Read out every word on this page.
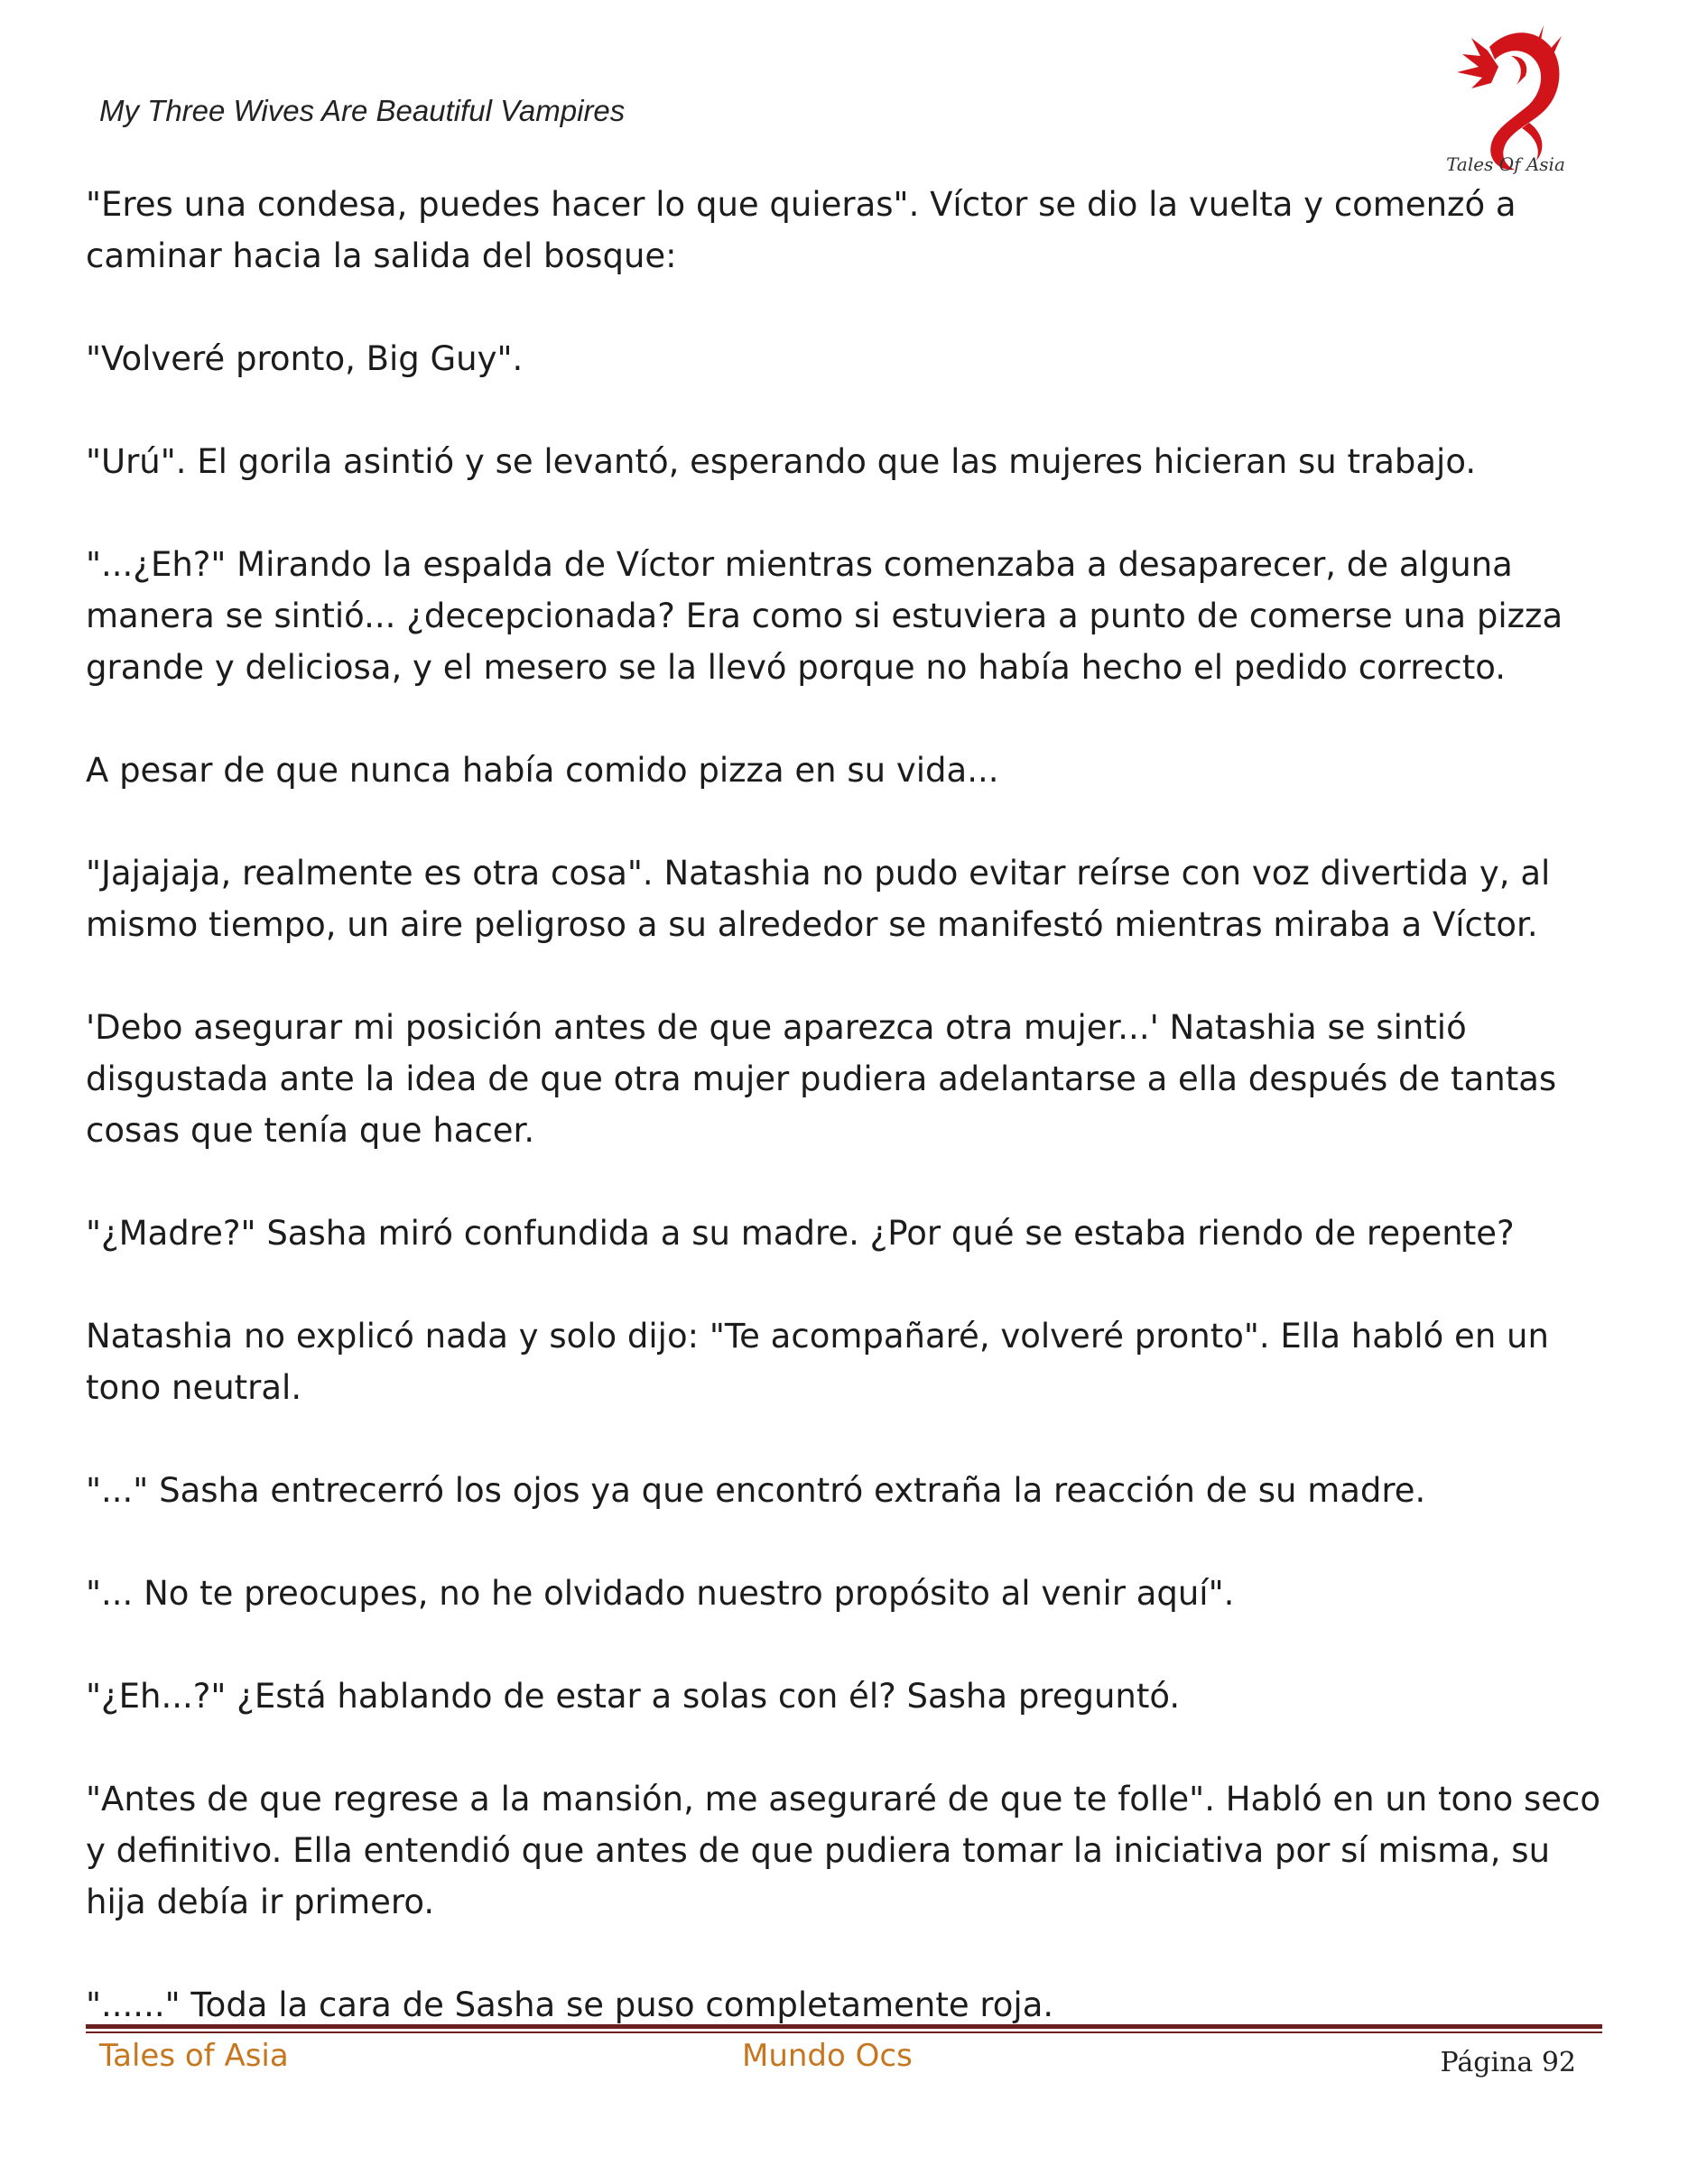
My Three Wives Are Beautiful Vampires
Tales Of Asia

"Eres una condesa, puedes hacer lo que quieras". Víctor se dio la vuelta y comenzó a caminar hacia la salida del bosque:

"Volveré pronto, Big Guy".

"Urú". El gorila asintió y se levantó, esperando que las mujeres hicieran su trabajo.

"...¿Eh?" Mirando la espalda de Víctor mientras comenzaba a desaparecer, de alguna manera se sintió... ¿decepcionada? Era como si estuviera a punto de comerse una pizza grande y deliciosa, y el mesero se la llevó porque no había hecho el pedido correcto.

A pesar de que nunca había comido pizza en su vida...

"Jajajaja, realmente es otra cosa". Natashia no pudo evitar reírse con voz divertida y, al mismo tiempo, un aire peligroso a su alrededor se manifestó mientras miraba a Víctor.

'Debo asegurar mi posición antes de que aparezca otra mujer...' Natashia se sintió disgustada ante la idea de que otra mujer pudiera adelantarse a ella después de tantas cosas que tenía que hacer.

"¿Madre?" Sasha miró confundida a su madre. ¿Por qué se estaba riendo de repente?

Natashia no explicó nada y solo dijo: "Te acompañaré, volveré pronto". Ella habló en un tono neutral.

"..." Sasha entrecerró los ojos ya que encontró extraña la reacción de su madre.

"... No te preocupes, no he olvidado nuestro propósito al venir aquí".

"¿Eh...?" ¿Está hablando de estar a solas con él? Sasha preguntó.

"Antes de que regrese a la mansión, me aseguraré de que te folle". Habló en un tono seco y definitivo. Ella entendió que antes de que pudiera tomar la iniciativa por sí misma, su hija debía ir primero.

"......" Toda la cara de Sasha se puso completamente roja.

Tales of Asia	Mundo Ocs	Página 92
